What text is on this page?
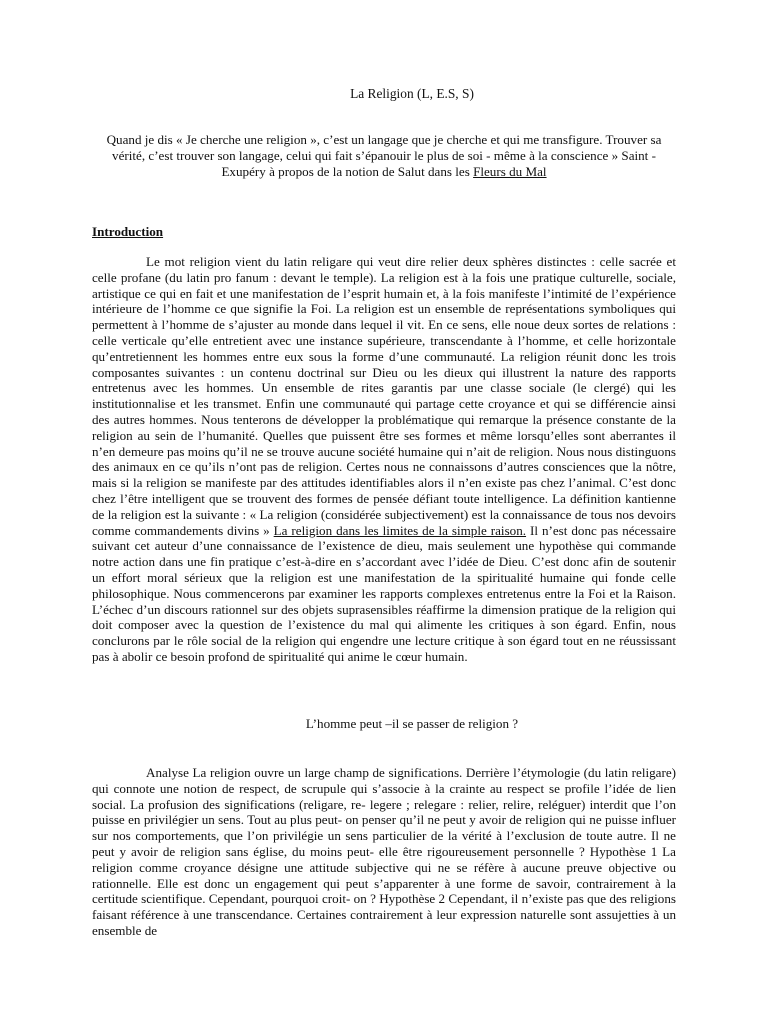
La Religion (L, E.S, S)
Quand je dis « Je cherche une religion », c’est un langage que je cherche et qui me transfigure. Trouver sa vérité, c’est trouver son langage, celui qui fait s’épanouir le plus de soi - même à la conscience » Saint - Exupéry à propos de la notion de Salut dans les Fleurs du Mal
Introduction

Le mot religion vient du latin religare qui veut dire relier deux sphères distinctes : celle sacrée et celle profane (du latin pro fanum : devant le temple). La religion est à la fois une pratique culturelle, sociale, artistique ce qui en fait et une manifestation de l’esprit humain et, à la fois manifeste l’intimité de l’expérience intérieure de l’homme ce que signifie la Foi. La religion est un ensemble de représentations symboliques qui permettent à l’homme de s’ajuster au monde dans lequel il vit. En ce sens, elle noue deux sortes de relations : celle verticale qu’elle entretient avec une instance supérieure, transcendante à l’homme, et celle horizontale qu’entretiennent les hommes entre eux sous la forme d’une communauté. La religion réunit donc les trois composantes suivantes : un contenu doctrinal sur Dieu ou les dieux qui illustrent la nature des rapports entretenus avec les hommes. Un ensemble de rites garantis par une classe sociale (le clergé) qui les institutionnalise et les transmet. Enfin une communauté qui partage cette croyance et qui se différencie ainsi des autres hommes. Nous tenterons de développer la problématique qui remarque la présence constante de la religion au sein de l’humanité. Quelles que puissent être ses formes et même lorsqu’elles sont aberrantes il n’en demeure pas moins qu’il ne se trouve aucune société humaine qui n’ait de religion. Nous nous distinguons des animaux en ce qu’ils n’ont pas de religion. Certes nous ne connaissons d’autres consciences que la nôtre, mais si la religion se manifeste par des attitudes identifiables alors il n’en existe pas chez l’animal. C’est donc chez l’être intelligent que se trouvent des formes de pensée défiant toute intelligence. La définition kantienne de la religion est la suivante : « La religion (considérée subjectivement) est la connaissance de tous nos devoirs comme commandements divins » La religion dans les limites de la simple raison. Il n’est donc pas nécessaire suivant cet auteur d’une connaissance de l’existence de dieu, mais seulement une hypothèse qui commande notre action dans une fin pratique c’est-à-dire en s’accordant avec l’idée de Dieu. C’est donc afin de soutenir un effort moral sérieux que la religion est une manifestation de la spiritualité humaine qui fonde celle philosophique. Nous commencerons par examiner les rapports complexes entretenus entre la Foi et la Raison. L’échec d’un discours rationnel sur des objets suprasensibles réaffirme la dimension pratique de la religion qui doit composer avec la question de l’existence du mal qui alimente les critiques à son égard. Enfin, nous conclurons par le rôle social de la religion qui engendre une lecture critique à son égard tout en ne réussissant pas à abolir ce besoin profond de spiritualité qui anime le cœur humain.

L’homme peut –il se passer de religion ?

Analyse La religion ouvre un large champ de significations. Derrière l’étymologie (du latin religare) qui connote une notion de respect, de scrupule qui s’associe à la crainte au respect se profile l’idée de lien social. La profusion des significations (religare, re- legere ; relegare : relier, relire, reléguer) interdit que l’on puisse en privilégier un sens. Tout au plus peut- on penser qu’il ne peut y avoir de religion qui ne puisse influer sur nos comportements, que l’on privilégie un sens particulier de la vérité à l’exclusion de toute autre. Il ne peut y avoir de religion sans église, du moins peut- elle être rigoureusement personnelle ? Hypothèse 1 La religion comme croyance désigne une attitude subjective qui ne se réfère à aucune preuve objective ou rationnelle. Elle est donc un engagement qui peut s’apparenter à une forme de savoir, contrairement à la certitude scientifique. Cependant, pourquoi croit- on ? Hypothèse 2 Cependant, il n’existe pas que des religions faisant référence à une transcendance. Certaines contrairement à leur expression naturelle sont assujetties à un ensemble de
